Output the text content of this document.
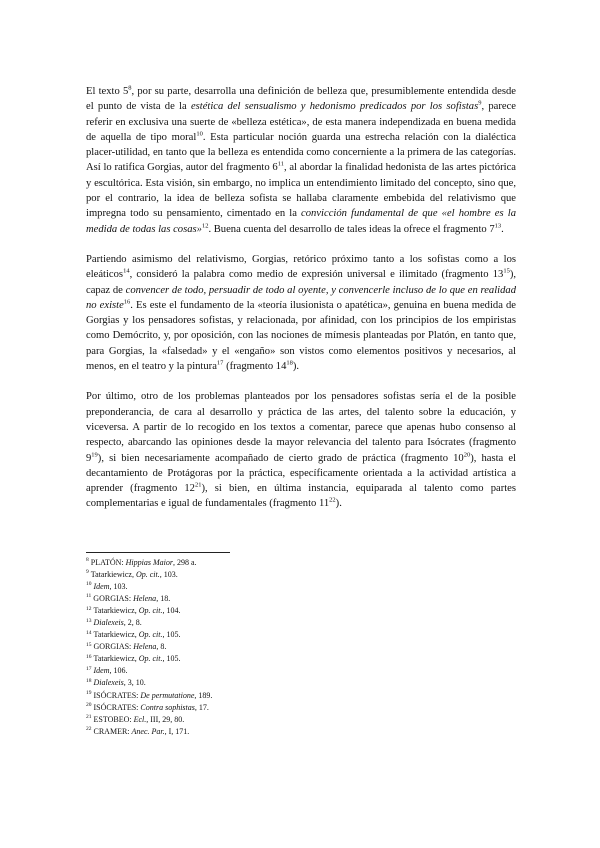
El texto $5^8$, por su parte, desarrolla una definición de belleza que, presumiblemente entendida desde el punto de vista de la estética del sensualismo y hedonismo predicados por los sofistas$^9$, parece referir en exclusiva una suerte de «belleza estética», de esta manera independizada en buena medida de aquella de tipo moral$^{10}$. Esta particular noción guarda una estrecha relación con la dialéctica placer-utilidad, en tanto que la belleza es entendida como concerniente a la primera de las categorías. Así lo ratifica Gorgias, autor del fragmento $6^{11}$, al abordar la finalidad hedonista de las artes pictórica y escultórica. Esta visión, sin embargo, no implica un entendimiento limitado del concepto, sino que, por el contrario, la idea de belleza sofista se hallaba claramente embebida del relativismo que impregna todo su pensamiento, cimentado en la convicción fundamental de que «el hombre es la medida de todas las cosas»$^{12}$. Buena cuenta del desarrollo de tales ideas la ofrece el fragmento $7^{13}$.

Partiendo asimismo del relativismo, Gorgias, retórico próximo tanto a los sofistas como a los eleáticos$^{14}$, consideró la palabra como medio de expresión universal e ilimitado (fragmento $13^{15}$), capaz de convencer de todo, persuadir de todo al oyente, y convencerle incluso de lo que en realidad no existe$^{16}$. Es este el fundamento de la «teoría ilusionista o apatética», genuina en buena medida de Gorgias y los pensadores sofistas, y relacionada, por afinidad, con los principios de los empiristas como Demócrito, y, por oposición, con las nociones de mímesis planteadas por Platón, en tanto que, para Gorgias, la «falsedad» y el «engaño» son vistos como elementos positivos y necesarios, al menos, en el teatro y la pintura$^{17}$ (fragmento $14^{18}$).

Por último, otro de los problemas planteados por los pensadores sofistas sería el de la posible preponderancia, de cara al desarrollo y práctica de las artes, del talento sobre la educación, y viceversa. A partir de lo recogido en los textos a comentar, parece que apenas hubo consenso al respecto, abarcando las opiniones desde la mayor relevancia del talento para Isócrates (fragmento $9^{19}$), si bien necesariamente acompañado de cierto grado de práctica (fragmento $10^{20}$), hasta el decantamiento de Protágoras por la práctica, específicamente orientada a la actividad artística a aprender (fragmento $12^{21}$), si bien, en última instancia, equiparada al talento como partes complementarias e igual de fundamentales (fragmento $11^{22}$).

$^8$ PLATÓN: Hippias Maior, 298 a.
$^9$ Tatarkiewicz, Op. cit., 103.
$^{10}$ Idem, 103.
$^{11}$ GORGIAS: Helena, 18.
$^{12}$ Tatarkiewicz, Op. cit., 104.
$^{13}$ Dialexeis, 2, 8.
$^{14}$ Tatarkiewicz, Op. cit., 105.
$^{15}$ GORGIAS: Helena, 8.
$^{16}$ Tatarkiewicz, Op. cit., 105.
$^{17}$ Idem, 106.
$^{18}$ Dialexeis, 3, 10.
$^{19}$ ISÓCRATES: De permutatione, 189.
$^{20}$ ISÓCRATES: Contra sophistas, 17.
$^{21}$ ESTOBEO: Ecl., III, 29, 80.
$^{22}$ CRAMER: Anec. Par., I, 171.
